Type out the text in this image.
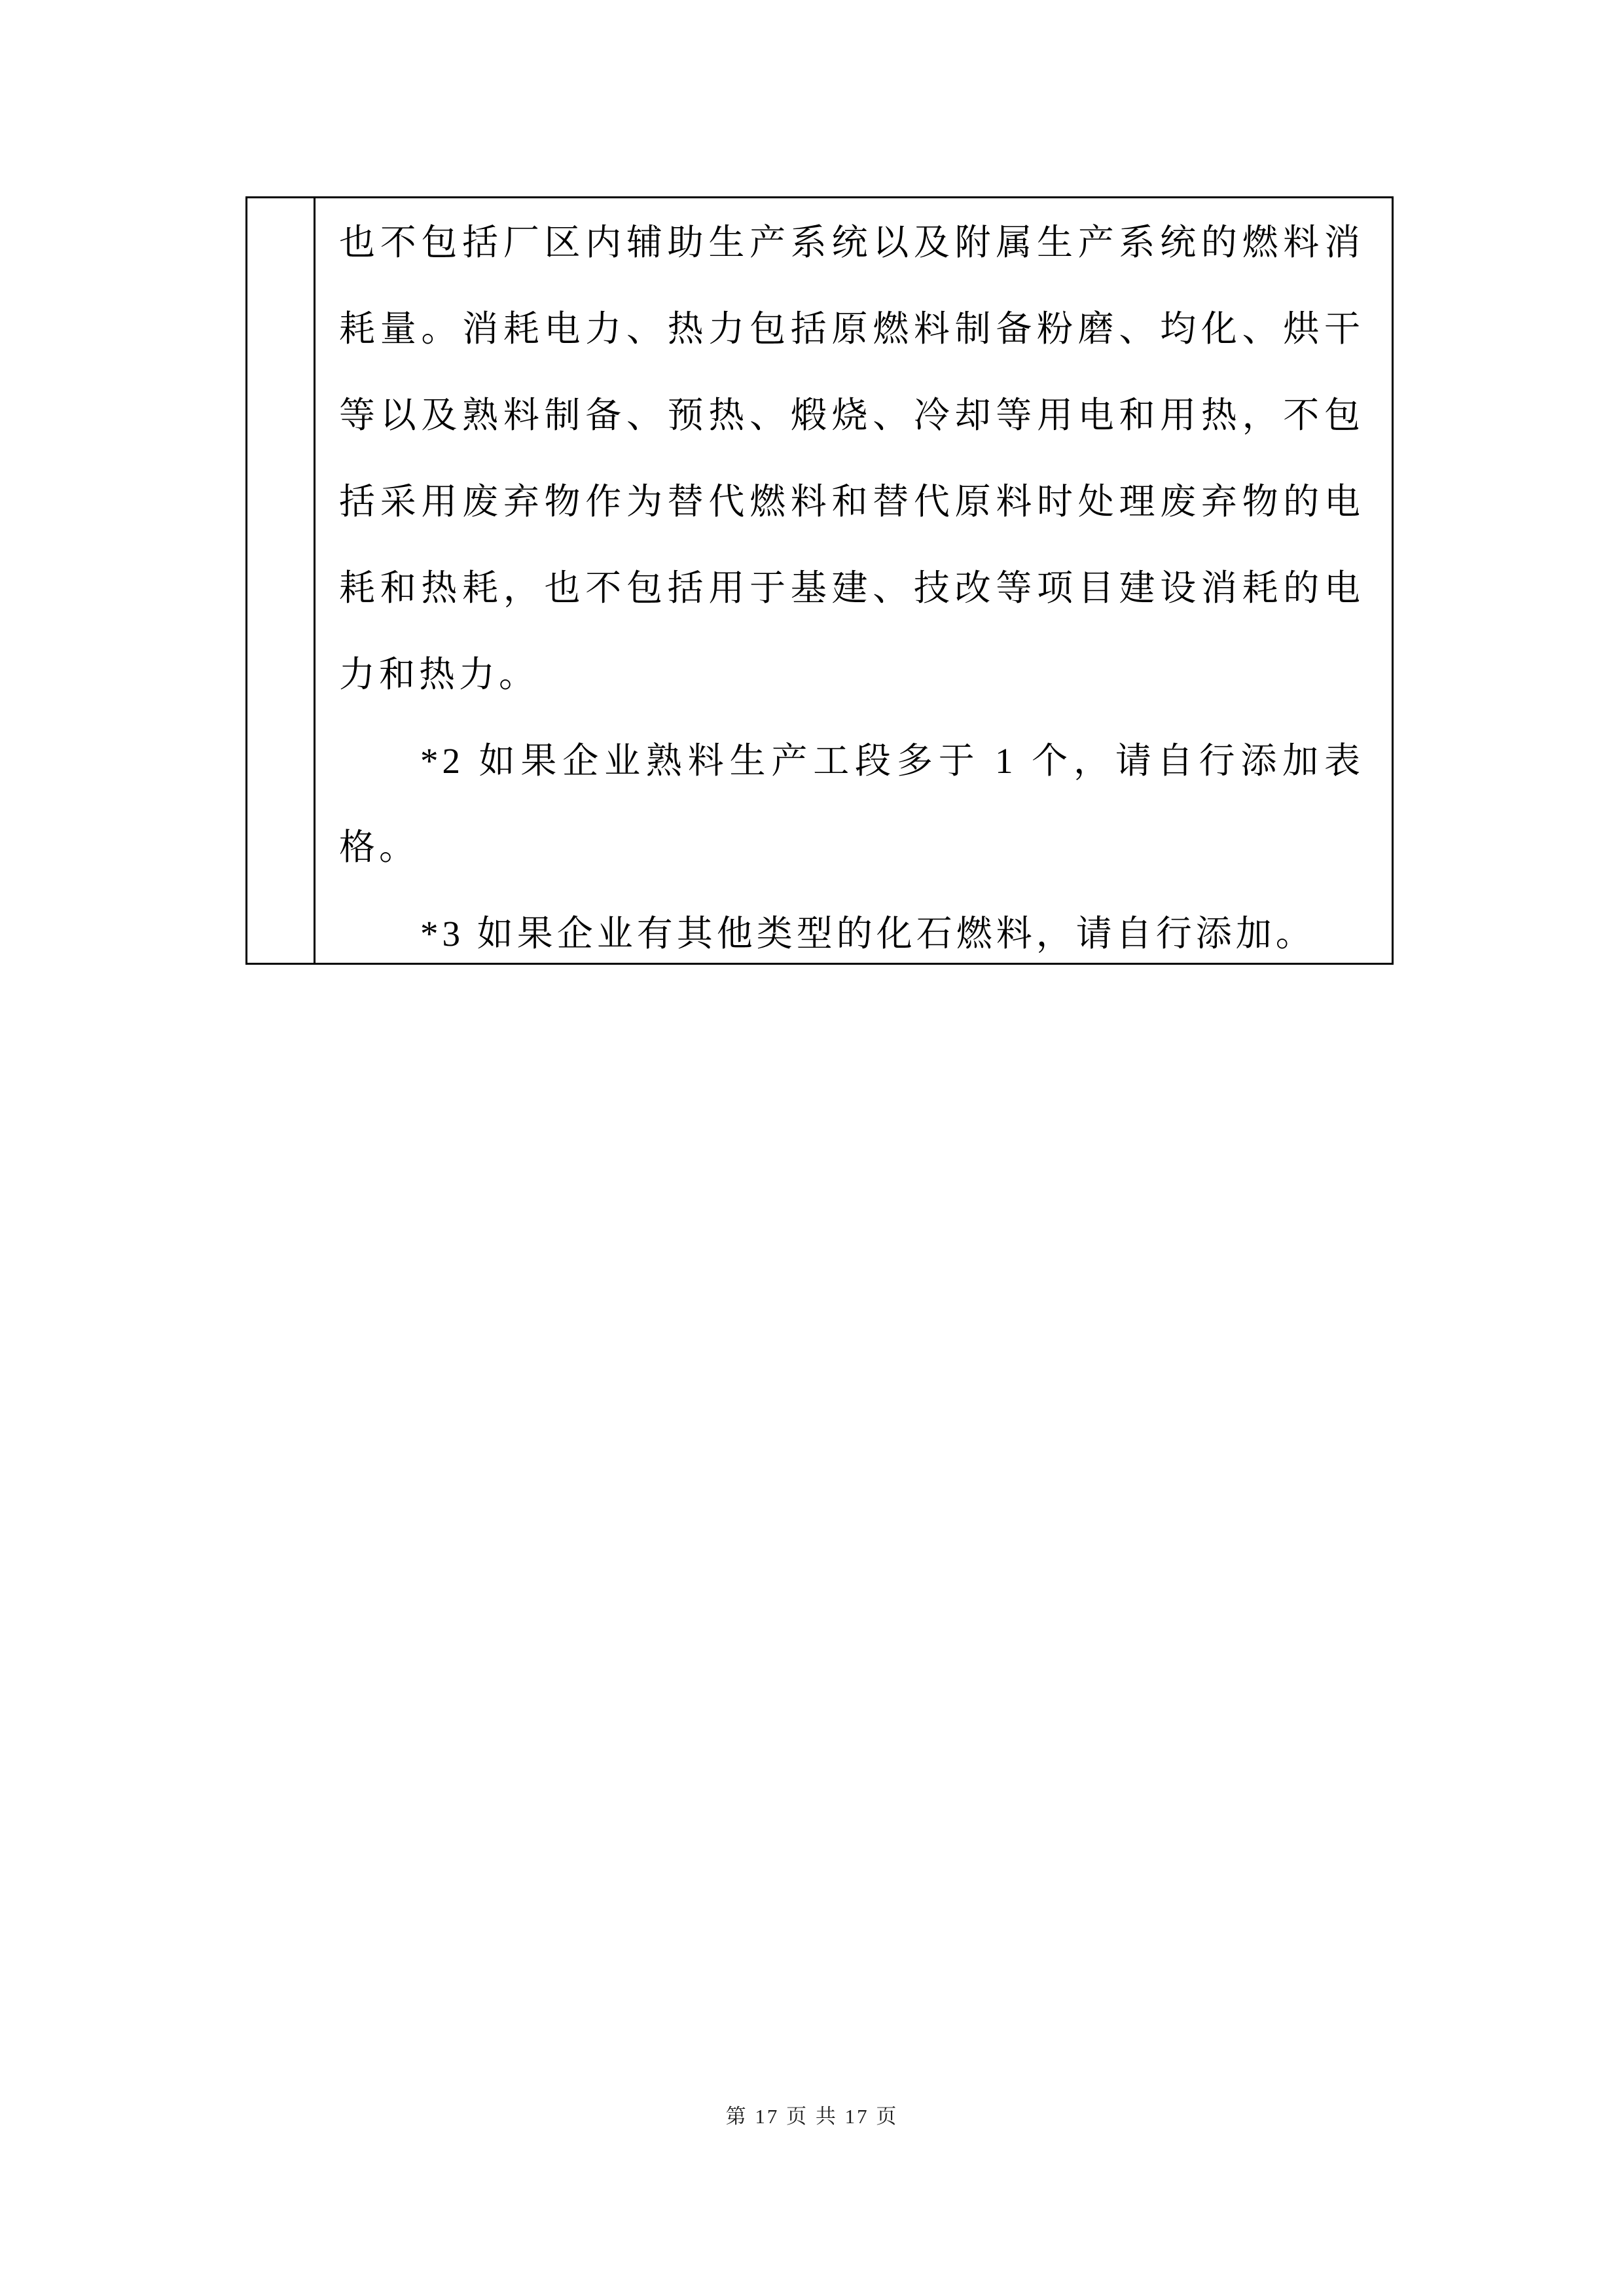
也不包括厂区内辅助生产系统以及附属生产系统的燃料消耗量。消耗电力、热力包括原燃料制备粉磨、均化、烘干等以及熟料制备、预热、煅烧、冷却等用电和用热，不包括采用废弃物作为替代燃料和替代原料时处理废弃物的电耗和热耗，也不包括用于基建、技改等项目建设消耗的电力和热力。

*2 如果企业熟料生产工段多于 1 个，请自行添加表格。

*3 如果企业有其他类型的化石燃料，请自行添加。

第 17 页 共 17 页
